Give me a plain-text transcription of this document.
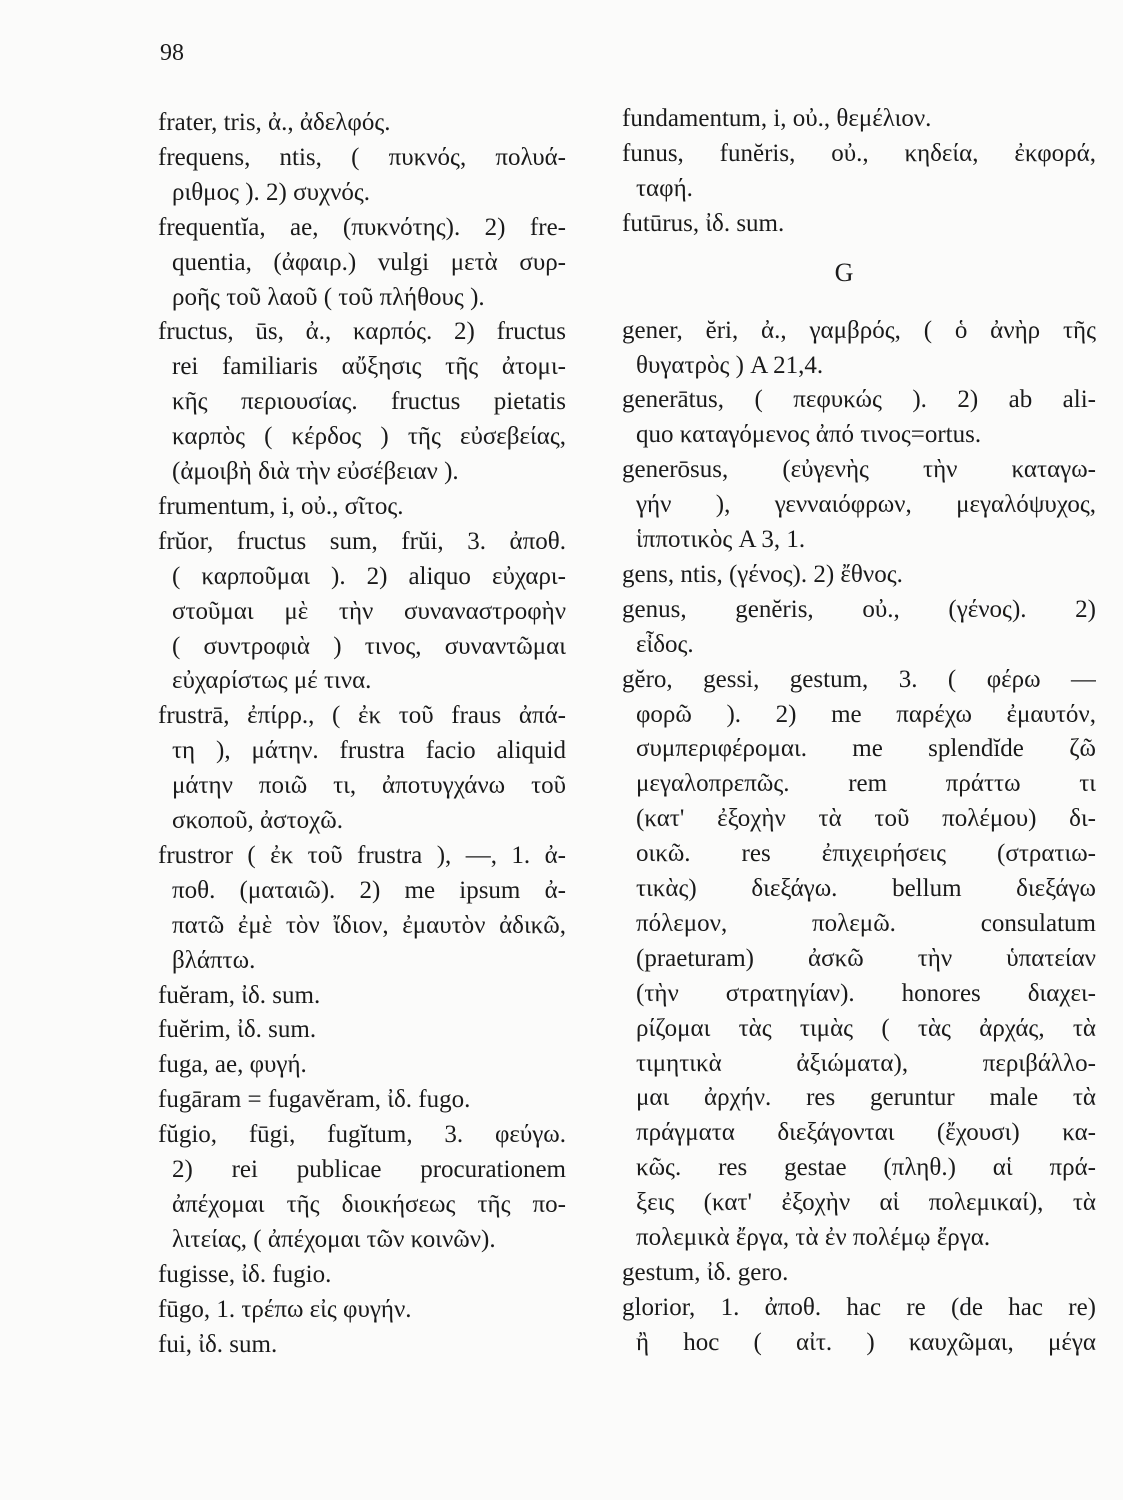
98
frater, tris, ἀ., ἀδελφός.
frequens, ntis, ( πυκνός, πολυά-
ριθμος ). 2) συχνός.
frequentĭa, ae, (πυκνότης). 2) fre-
quentia, (ἀφαιρ.) vulgi μετὰ συρ-
ροῆς τοῦ λαοῦ ( τοῦ πλήθους ).
fructus, ūs, ἀ., καρπός. 2) fructus
rei familiaris αὔξησις τῆς ἀτομι-
κῆς περιουσίας. fructus pietatis
καρπὸς ( κέρδος ) τῆς εὐσεβείας,
(ἀμοιβὴ διὰ τὴν εὐσέβειαν ).
frumentum, i, οὐ., σῖτος.
frŭor, fructus sum, frŭi, 3. ἀποθ.
( καρποῦμαι ). 2) aliquo εὐχαρι-
στοῦμαι μὲ τὴν συναναστροφὴν
( συντροφιὰ ) τινος, συναντῶμαι
εὐχαρίστως μέ τινα.
frustrā, ἐπίρρ., ( ἐκ τοῦ fraus ἀπά-
τη ), μάτην. frustra facio aliquid
μάτην ποιῶ τι, ἀποτυγχάνω τοῦ
σκοποῦ, ἀστοχῶ.
frustror ( ἐκ τοῦ frustra ), —, 1. ἀ-
ποθ. (ματαιῶ). 2) me ipsum ἀ-
πατῶ ἐμὲ τὸν ἴδιον, ἐμαυτὸν ἀδικῶ,
βλάπτω.
fuĕram, ἰδ. sum.
fuĕrim, ἰδ. sum.
fuga, ae, φυγή.
fugāram = fugavĕram, ἰδ. fugo.
fŭgio, fūgi, fugĭtum, 3. φεύγω.
2) rei publicae procurationem
ἀπέχομαι τῆς διοικήσεως τῆς πο-
λιτείας, ( ἀπέχομαι τῶν κοινῶν).
fugisse, ἰδ. fugio.
fūgo, 1. τρέπω εἰς φυγήν.
fui, ἰδ. sum.
fundamentum, i, οὐ., θεμέλιον.
funus, funĕris, οὐ., κηδεία, ἐκφορά,
ταφή.
futūrus, ἰδ. sum.
G
gener, ĕri, ἀ., γαμβρός, ( ὁ ἀνὴρ τῆς
θυγατρὸς ) A 21,4.
generātus, ( πεφυκώς ). 2) ab ali-
quo καταγόμενος ἀπό τινος=ortus.
generōsus, (εὐγενὴς τὴν καταγω-
γήν ), γενναιόφρων, μεγαλόψυχος,
ἱπποτικὸς A 3, 1.
gens, ntis, (γένος). 2) ἔθνος.
genus, genĕris, οὐ., (γένος). 2)
εἶδος.
gĕro, gessi, gestum, 3. ( φέρω —
φορῶ ). 2) me παρέχω ἐμαυτόν,
συμπεριφέρομαι. me splendĭde ζῶ
μεγαλοπρεπῶς. rem πράττω τι
(κατ' ἐξοχὴν τὰ τοῦ πολέμου) δι-
οικῶ. res ἐπιχειρήσεις (στρατιω-
τικὰς) διεξάγω. bellum διεξάγω
πόλεμον, πολεμῶ. consulatum
(praeturam) ἀσκῶ τὴν ὑπατείαν
(τὴν στρατηγίαν). honores διαχει-
ρίζομαι τὰς τιμὰς ( τὰς ἀρχάς, τὰ
τιμητικὰ ἀξιώματα), περιβάλλο-
μαι ἀρχήν. res geruntur male τὰ
πράγματα διεξάγονται (ἔχουσι) κα-
κῶς. res gestae (πληθ.) αἱ πρά-
ξεις (κατ' ἐξοχὴν αἱ πολεμικαί), τὰ
πολεμικὰ ἔργα, τὰ ἐν πολέμῳ ἔργα.
gestum, ἰδ. gero.
glorior, 1. ἀποθ. hac re (de hac re)
ἢ hoc ( αἰτ. ) καυχῶμαι, μέγα
